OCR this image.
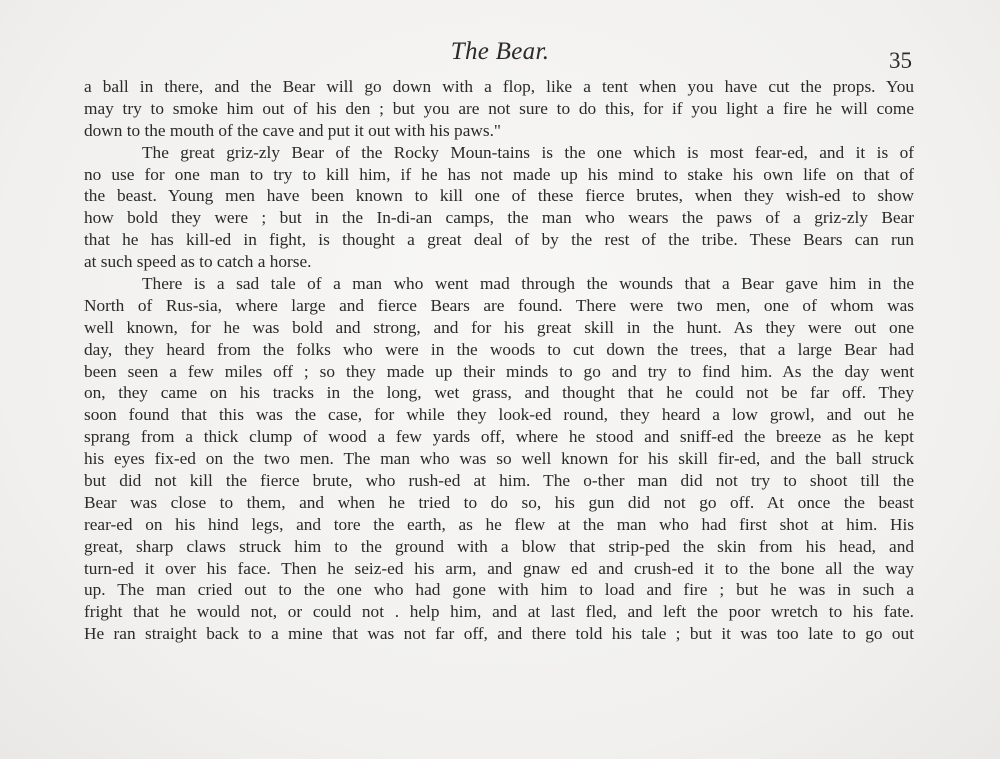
The Bear.	35
a ball in there, and the Bear will go down with a flop, like a tent when you have cut the props. You
may try to smoke him out of his den ; but you are not sure to do this, for if you light a fire he will come
down to the mouth of the cave and put it out with his paws."
The great griz-zly Bear of the Rocky Moun-tains is the one which is most fear-ed, and it is of
no use for one man to try to kill him, if he has not made up his mind to stake his own life on that of
the beast. Young men have been known to kill one of these fierce brutes, when they wish-ed to show
how bold they were ; but in the In-di-an camps, the man who wears the paws of a griz-zly Bear
that he has kill-ed in fight, is thought a great deal of by the rest of the tribe. These Bears can run
at such speed as to catch a horse.
There is a sad tale of a man who went mad through the wounds that a Bear gave him in the
North of Rus-sia, where large and fierce Bears are found. There were two men, one of whom was
well known, for he was bold and strong, and for his great skill in the hunt. As they were out one
day, they heard from the folks who were in the woods to cut down the trees, that a large Bear had
been seen a few miles off ; so they made up their minds to go and try to find him. As the day went
on, they came on his tracks in the long, wet grass, and thought that he could not be far off. They
soon found that this was the case, for while they look-ed round, they heard a low growl, and out he
sprang from a thick clump of wood a few yards off, where he stood and sniff-ed the breeze as he kept
his eyes fix-ed on the two men. The man who was so well known for his skill fir-ed, and the ball struck
but did not kill the fierce brute, who rush-ed at him. The o-ther man did not try to shoot till the
Bear was close to them, and when he tried to do so, his gun did not go off. At once the beast
rear-ed on his hind legs, and tore the earth, as he flew at the man who had first shot at him. His
great, sharp claws struck him to the ground with a blow that strip-ped the skin from his head, and
turn-ed it over his face. Then he seiz-ed his arm, and gnaw ed and crush-ed it to the bone all the way
up. The man cried out to the one who had gone with him to load and fire ; but he was in such a
fright that he would not, or could not . help him, and at last fled, and left the poor wretch to his fate.
He ran straight back to a mine that was not far off, and there told his tale ; but it was too late to go out
